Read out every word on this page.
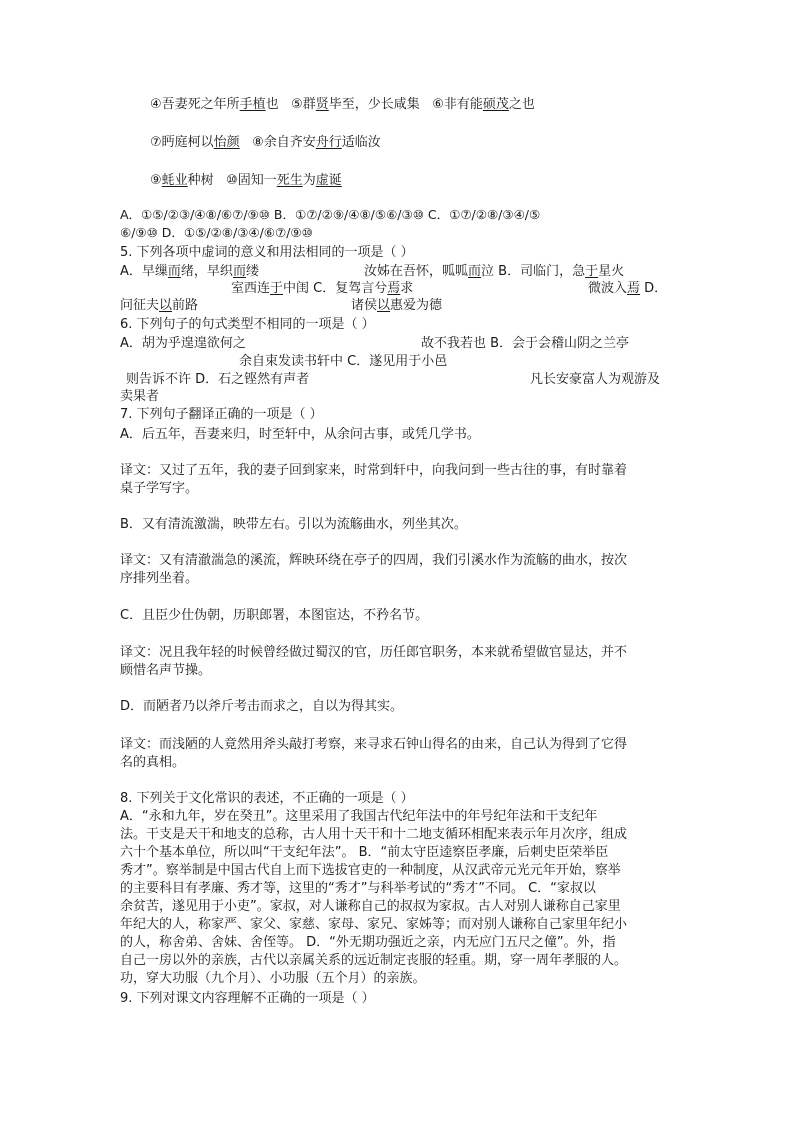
④吾妻死之年所手植也 ⑤群贤毕至，少长咸集 ⑥非有能硕茂之也
⑦眄庭柯以怡颜 ⑧余自齐安舟行适临汝
⑨蚝业种树 ⑩固知一死生为虚诞
A．①⑤/②③/④⑧/⑥⑦/⑨⑩ B．①⑦/②⑨/④⑧/⑤⑥/③⑩ C．①⑦/②⑧/③④/⑤
⑥/⑨⑩ D．①⑤/②⑧/③④/⑥⑦/⑨⑩
5. 下列各项中虚词的意义和用法相同的一项是（ ）
A．早缫而绪，早织而缕	汝姊在吾怀，呱呱而泣 B．司临门，急于星火
室西连于中闺 C．复驾言兮焉求	微波入焉 D．
问征夫以前路	诸侯以惠爱为德
6. 下列句子的句式类型不相同的一项是（ ）
A．胡为乎遑遑欲何之	故不我若也 B．会于会稽山阴之兰亭
余自束发读书轩中 C．遂见用于小邑
则告诉不许 D．石之铿然有声者	凡长安豪富人为观游及
卖果者
7. 下列句子翻译正确的一项是（ ）
A．后五年，吾妻来归，时至轩中，从余问古事，或凭几学书。
译文：又过了五年，我的妻子回到家来，时常到轩中，向我问到一些古往的事，有时靠着
桌子学写字。
B．又有清流激湍，映带左右。引以为流觞曲水，列坐其次。
译文：又有清澈湍急的溪流，辉映环绕在亭子的四周，我们引溪水作为流觞的曲水，按次
序排列坐着。
C．且臣少仕伪朝，历职郎署，本图宦达，不矜名节。
译文：况且我年轻的时候曾经做过蜀汉的官，历任郎官职务，本来就希望做官显达，并不
顾惜名声节操。
D．而陋者乃以斧斤考击而求之，自以为得其实。
译文：而浅陋的人竟然用斧头敲打考察，来寻求石钟山得名的由来，自己认为得到了它得
名的真相。
8. 下列关于文化常识的表述，不正确的一项是（ ）
A．“永和九年，岁在癸丑”。这里采用了我国古代纪年法中的年号纪年法和干支纪年
法。干支是天干和地支的总称，古人用十天干和十二地支循环相配来表示年月次序，组成
六十个基本单位，所以叫“干支纪年法”。 B．“前太守臣逵察臣孝廉，后刺史臣荣举臣
秀才”。察举制是中国古代自上而下选拔官吏的一种制度，从汉武帝元光元年开始，察举
的主要科目有孝廉、秀才等，这里的“秀才”与科举考试的“秀才”不同。 C．“家叔以
余贫苦，遂见用于小吏”。家叔，对人谦称自己的叔叔为家叔。古人对别人谦称自己家里
年纪大的人，称家严、家父、家慈、家母、家兄、家姊等；而对别人谦称自己家里年纪小
的人，称舍弟、舍妹、舍侄等。 D．“外无期功强近之亲，内无应门五尺之僮”。外，指
自己一房以外的亲族，古代以亲属关系的远近制定丧服的轻重。期，穿一周年孝服的人。
功，穿大功服（九个月）、小功服（五个月）的亲族。
9. 下列对课文内容理解不正确的一项是（ ）
